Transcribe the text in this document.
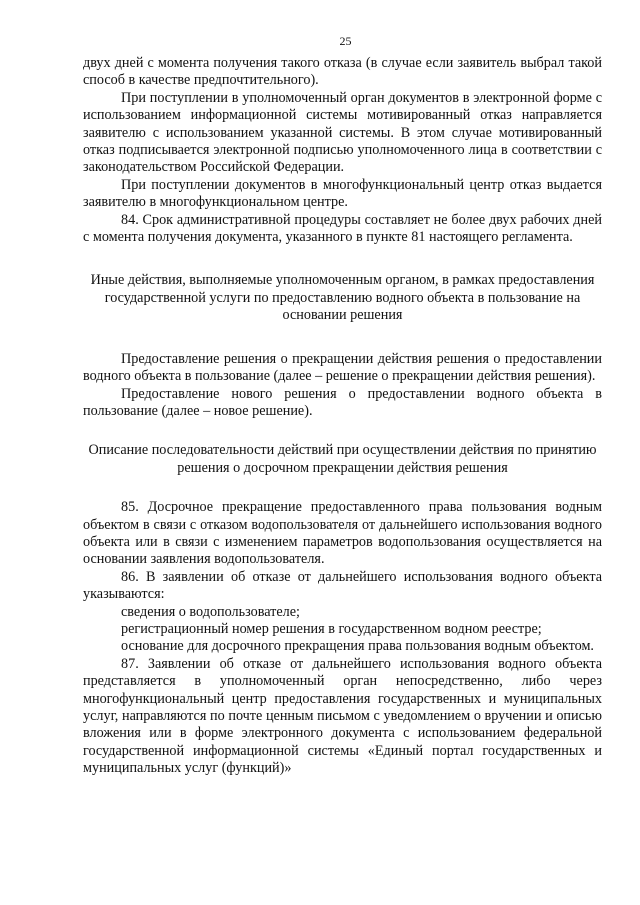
25

двух дней с момента получения такого отказа (в случае если заявитель выбрал такой способ в качестве предпочтительного).

При поступлении в уполномоченный орган документов в электронной форме с использованием информационной системы мотивированный отказ направляется заявителю с использованием указанной системы. В этом случае мотивированный отказ подписывается электронной подписью уполномоченного лица в соответствии с законодательством Российской Федерации.

При поступлении документов в многофункциональный центр отказ выдается заявителю в многофункциональном центре.

84. Срок административной процедуры составляет не более двух рабочих дней с момента получения документа, указанного в пункте 81 настоящего регламента.

Иные действия, выполняемые уполномоченным органом, в рамках предоставления государственной услуги по предоставлению водного объекта в пользование на основании решения

Предоставление решения о прекращении действия решения о предоставлении водного объекта в пользование (далее – решение о прекращении действия решения).

Предоставление нового решения о предоставлении водного объекта в пользование (далее – новое решение).

Описание последовательности действий при осуществлении действия по принятию решения о досрочном прекращении действия решения

85. Досрочное прекращение предоставленного права пользования водным объектом в связи с отказом водопользователя от дальнейшего использования водного объекта или в связи с изменением параметров водопользования осуществляется на основании заявления водопользователя.

86. В заявлении об отказе от дальнейшего использования водного объекта указываются:

сведения о водопользователе;

регистрационный номер решения в государственном водном реестре;

основание для досрочного прекращения права пользования водным объектом.

87. Заявлении об отказе от дальнейшего использования водного объекта представляется в уполномоченный орган непосредственно, либо через многофункциональный центр предоставления государственных и муниципальных услуг, направляются по почте ценным письмом с уведомлением о вручении и описью вложения или в форме электронного документа с использованием федеральной государственной информационной системы «Единый портал государственных и муниципальных услуг (функций)»
